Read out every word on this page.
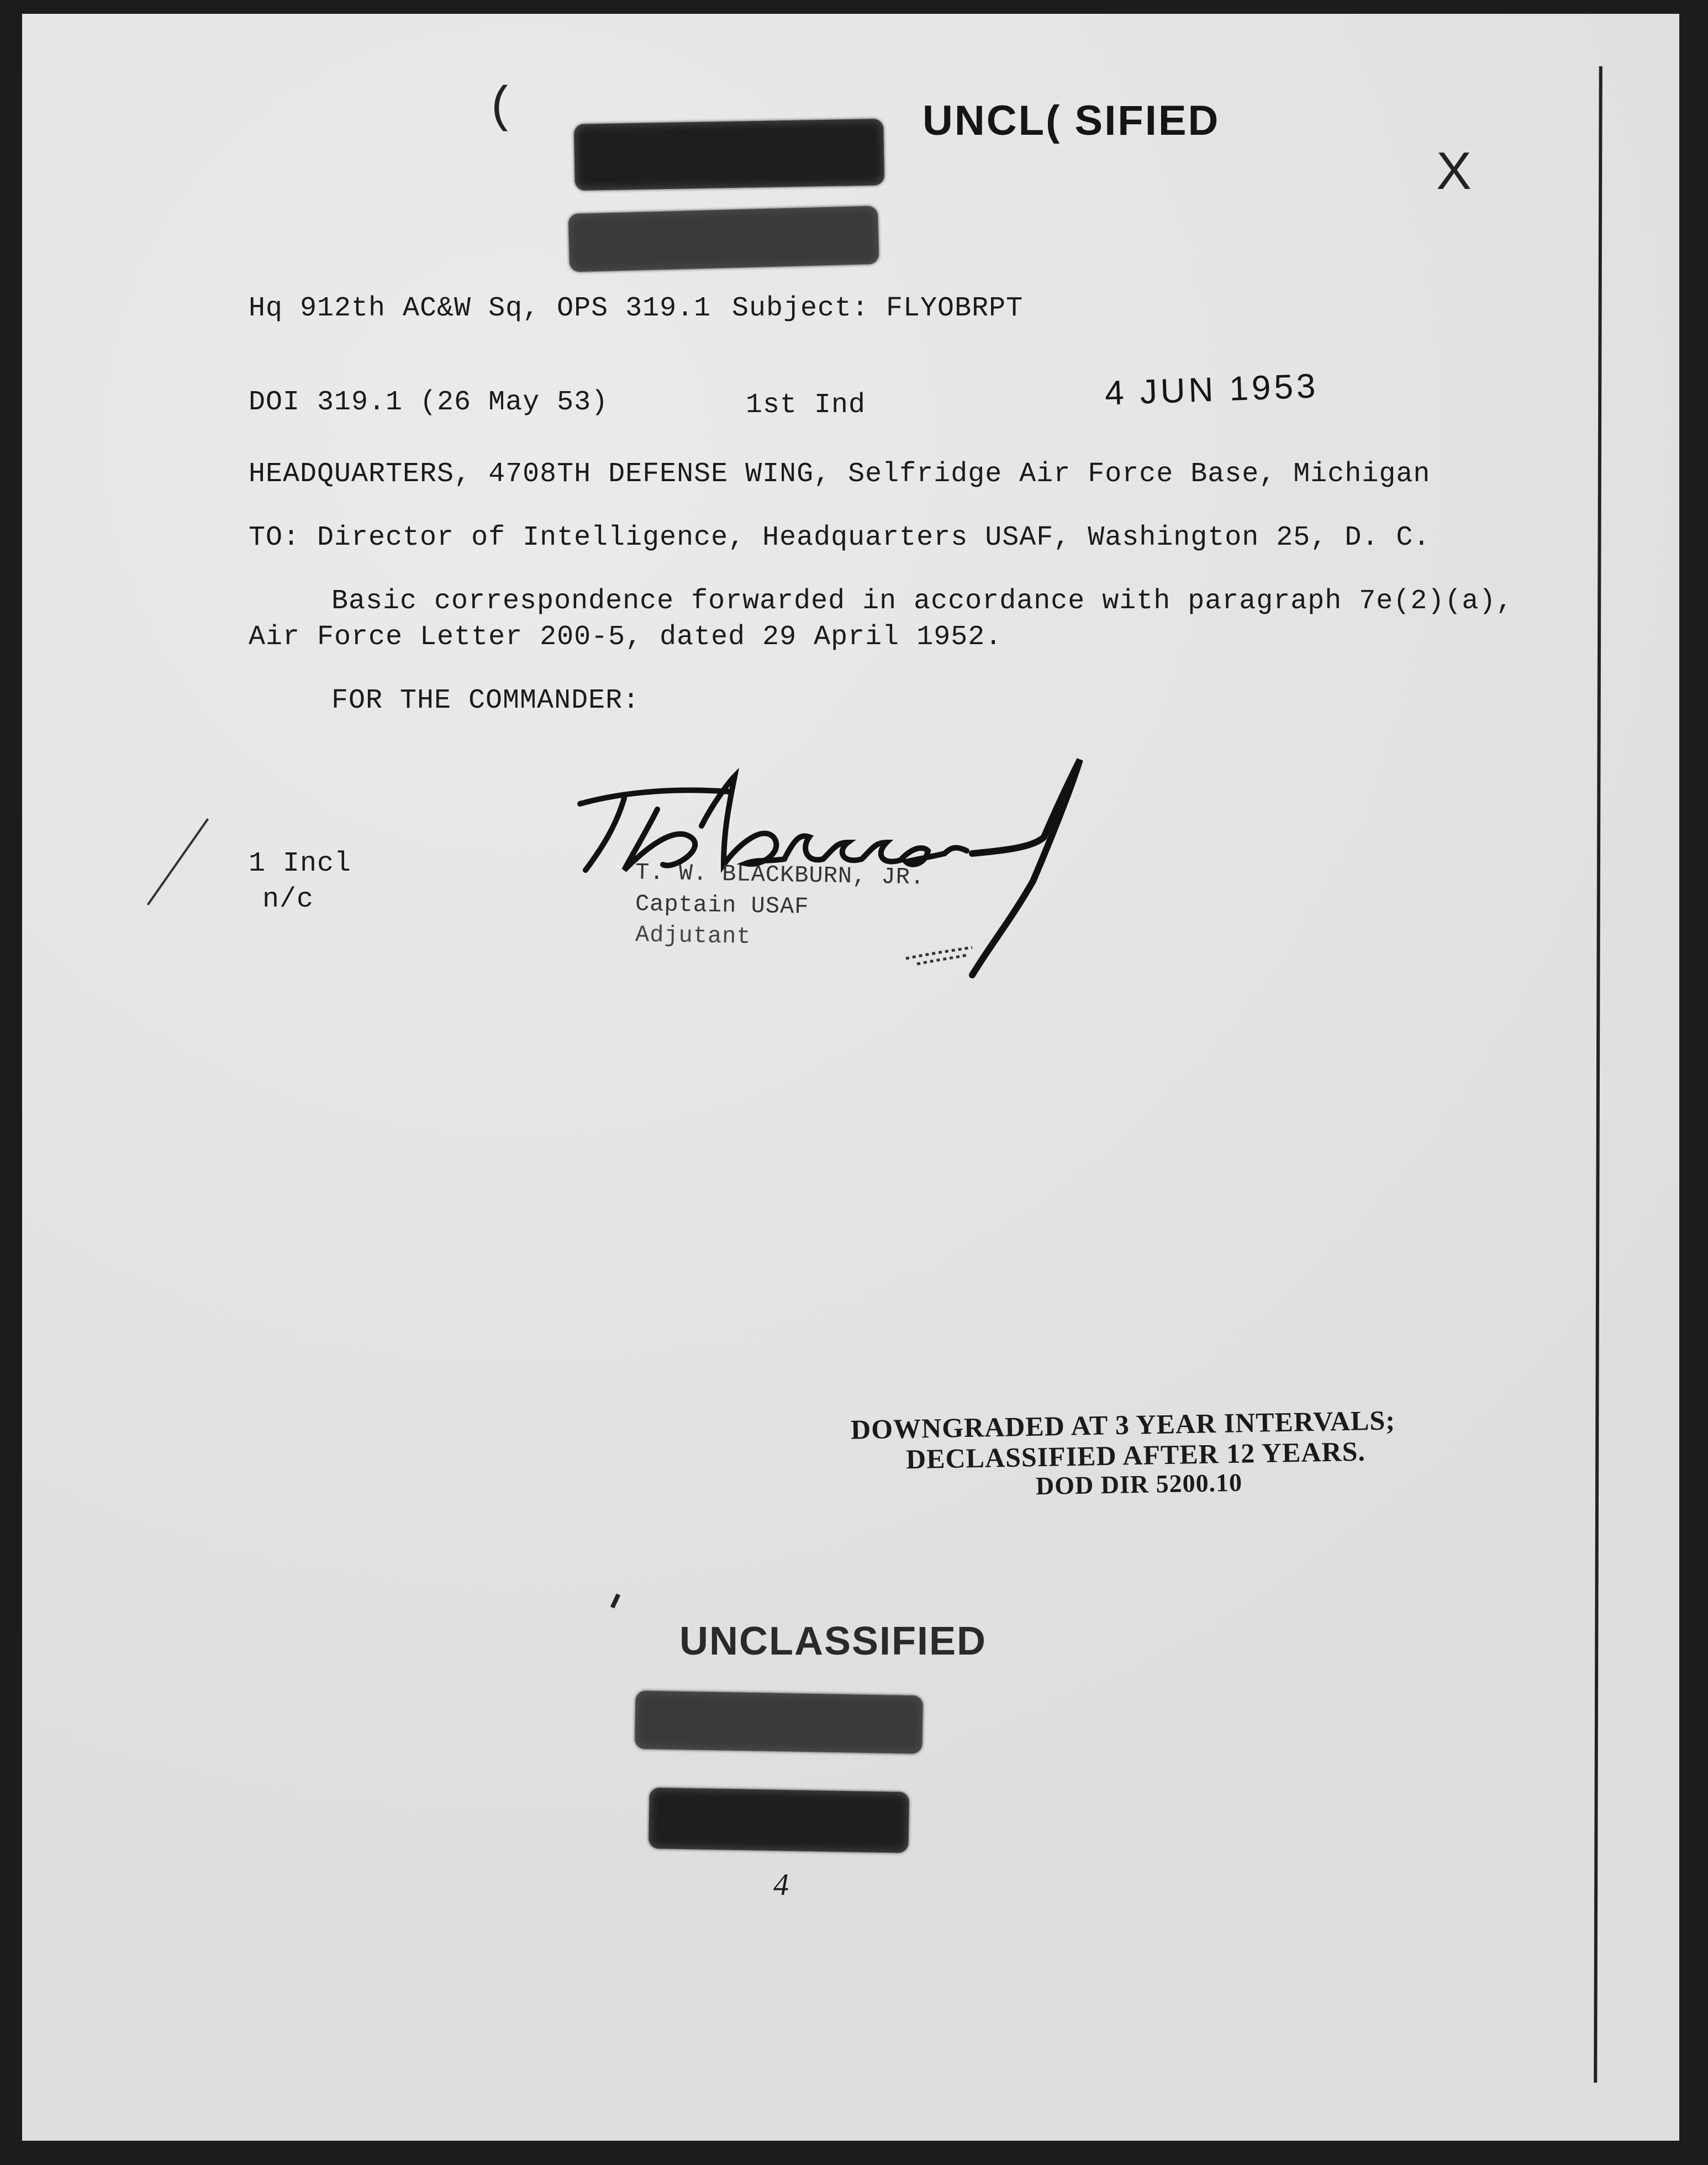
(	UNCL( SIFIED
X
Hq 912th AC&W Sq, OPS 319.1 Subject: FLYOBRPT
DOI 319.1 (26 May 53)	1st Ind	4 JUN 1953
HEADQUARTERS, 4708TH DEFENSE WING, Selfridge Air Force Base, Michigan
TO: Director of Intelligence, Headquarters USAF, Washington 25, D. C.
Basic correspondence forwarded in accordance with paragraph 7e(2)(a),
Air Force Letter 200-5, dated 29 April 1952.
FOR THE COMMANDER:
1 Incl
n/c
T. W. BLACKBURN, JR.
Captain USAF
Adjutant
DOWNGRADED AT 3 YEAR INTERVALS;
DECLASSIFIED AFTER 12 YEARS.
DOD DIR 5200.10
UNCLASSIFIED
4
